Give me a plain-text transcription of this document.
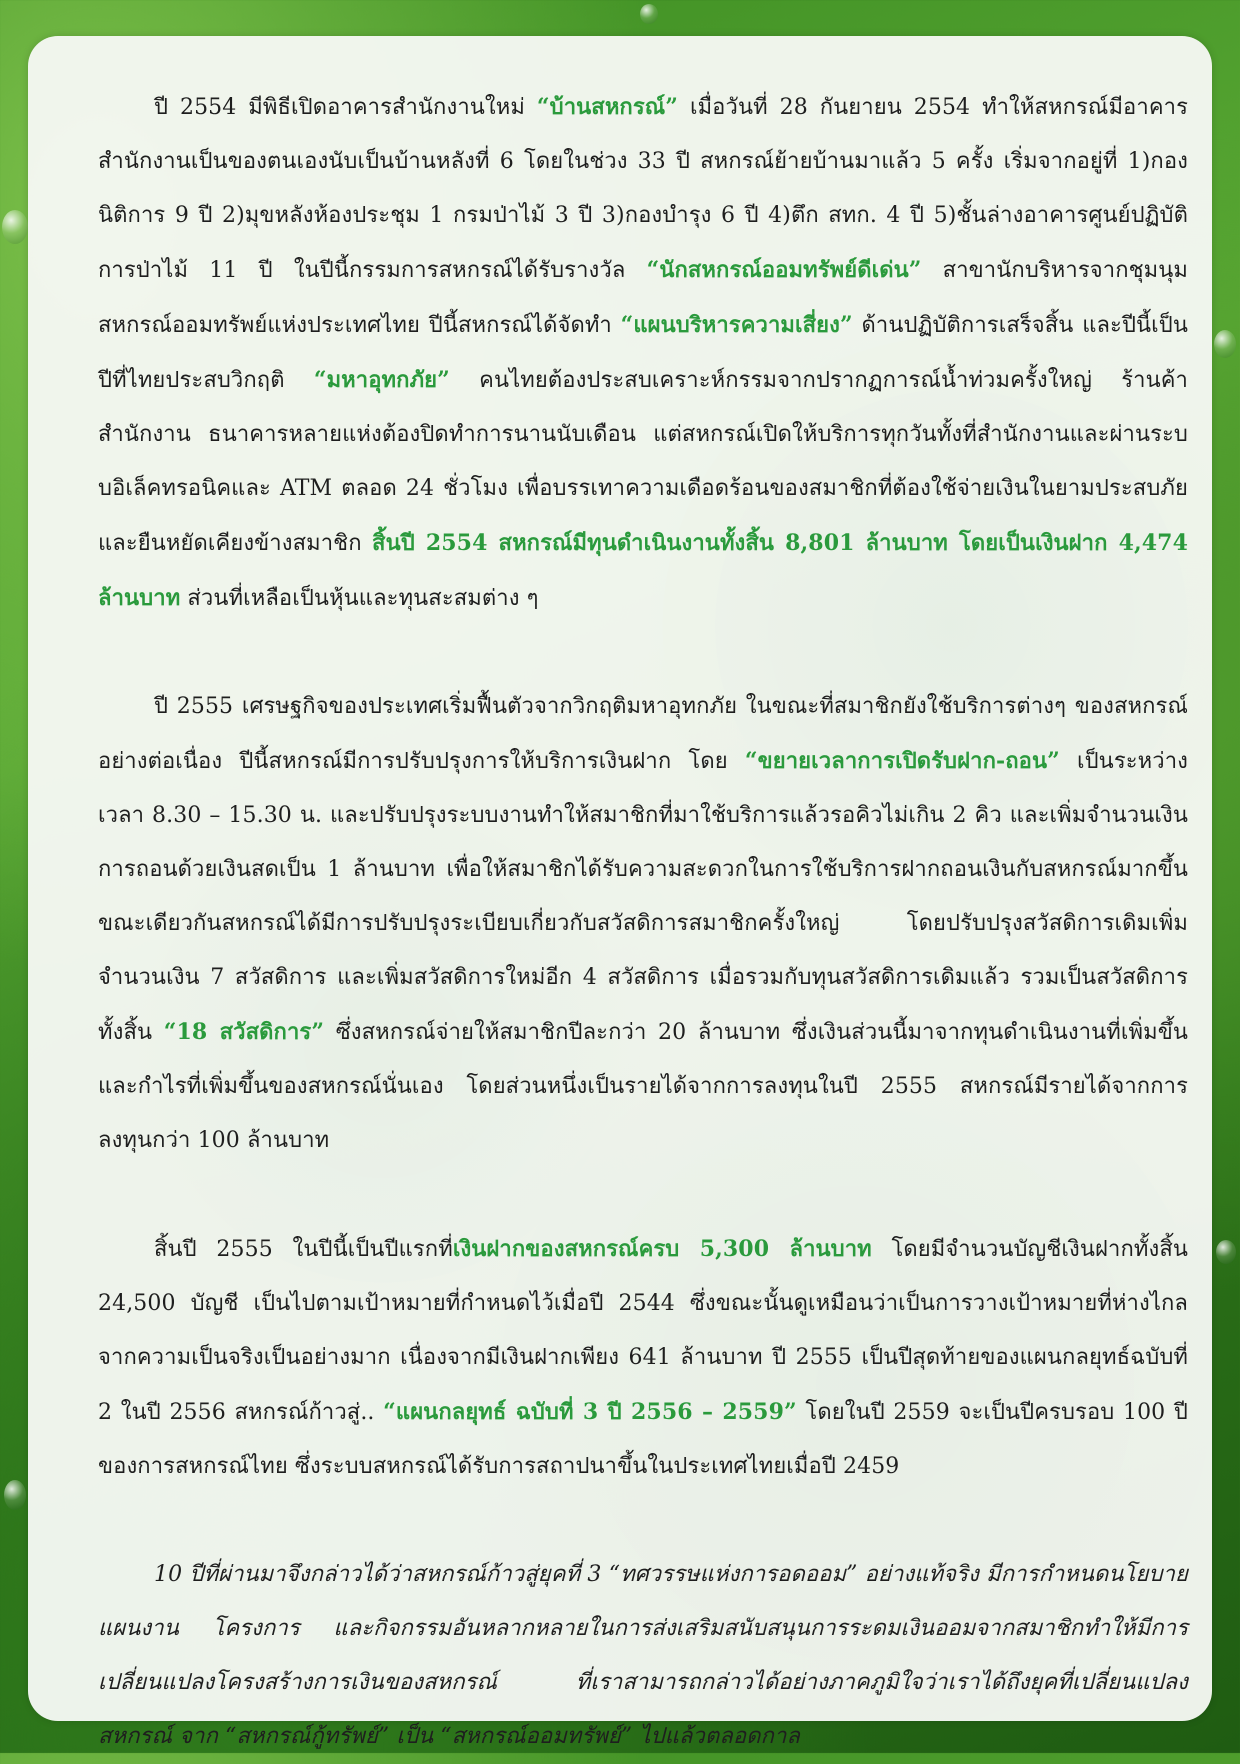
ปี 2554 มีพิธีเปิดอาคารสำนักงานใหม่ “บ้านสหกรณ์” เมื่อวันที่ 28 กันยายน 2554 ทำให้สหกรณ์มีอาคารสำนักงานเป็นของตนเองนับเป็นบ้านหลังที่ 6 โดยในช่วง 33 ปี สหกรณ์ย้ายบ้านมาแล้ว 5 ครั้ง เริ่มจากอยู่ที่ 1)กองนิติการ 9 ปี 2)มุขหลังห้องประชุม 1 กรมป่าไม้ 3 ปี 3)กองบำรุง 6 ปี 4)ตึก สทก. 4 ปี 5)ชั้นล่างอาคารศูนย์ปฏิบัติการป่าไม้ 11 ปี ในปีนี้กรรมการสหกรณ์ได้รับรางวัล “นักสหกรณ์ออมทรัพย์ดีเด่น” สาขานักบริหารจากชุมนุมสหกรณ์ออมทรัพย์แห่งประเทศไทย ปีนี้สหกรณ์ได้จัดทำ “แผนบริหารความเสี่ยง” ด้านปฏิบัติการเสร็จสิ้น และปีนี้เป็นปีที่ไทยประสบวิกฤติ “มหาอุทกภัย” คนไทยต้องประสบเคราะห์กรรมจากปรากฏการณ์น้ำท่วมครั้งใหญ่ ร้านค้า สำนักงาน ธนาคารหลายแห่งต้องปิดทำการนานนับเดือน แต่สหกรณ์เปิดให้บริการทุกวันทั้งที่สำนักงานและผ่านระบบอิเล็คทรอนิคและ ATM ตลอด 24 ชั่วโมง เพื่อบรรเทาความเดือดร้อนของสมาชิกที่ต้องใช้จ่ายเงินในยามประสบภัย และยืนหยัดเคียงข้างสมาชิก สิ้นปี 2554 สหกรณ์มีทุนดำเนินงานทั้งสิ้น 8,801 ล้านบาท โดยเป็นเงินฝาก 4,474 ล้านบาท ส่วนที่เหลือเป็นหุ้นและทุนสะสมต่าง ๆ

ปี 2555 เศรษฐกิจของประเทศเริ่มฟื้นตัวจากวิกฤติมหาอุทกภัย ในขณะที่สมาชิกยังใช้บริการต่างๆ ของสหกรณ์อย่างต่อเนื่อง ปีนี้สหกรณ์มีการปรับปรุงการให้บริการเงินฝาก โดย “ขยายเวลาการเปิดรับฝาก-ถอน” เป็นระหว่างเวลา 8.30 – 15.30 น. และปรับปรุงระบบงานทำให้สมาชิกที่มาใช้บริการแล้วรอคิวไม่เกิน 2 คิว และเพิ่มจำนวนเงินการถอนด้วยเงินสดเป็น 1 ล้านบาท เพื่อให้สมาชิกได้รับความสะดวกในการใช้บริการฝากถอนเงินกับสหกรณ์มากขึ้น ขณะเดียวกันสหกรณ์ได้มีการปรับปรุงระเบียบเกี่ยวกับสวัสดิการสมาชิกครั้งใหญ่ โดยปรับปรุงสวัสดิการเดิมเพิ่มจำนวนเงิน 7 สวัสดิการ และเพิ่มสวัสดิการใหม่อีก 4 สวัสดิการ เมื่อรวมกับทุนสวัสดิการเดิมแล้ว รวมเป็นสวัสดิการทั้งสิ้น “18 สวัสดิการ” ซึ่งสหกรณ์จ่ายให้สมาชิกปีละกว่า 20 ล้านบาท ซึ่งเงินส่วนนี้มาจากทุนดำเนินงานที่เพิ่มขึ้นและกำไรที่เพิ่มขึ้นของสหกรณ์นั่นเอง โดยส่วนหนึ่งเป็นรายได้จากการลงทุนในปี 2555 สหกรณ์มีรายได้จากการลงทุนกว่า 100 ล้านบาท

สิ้นปี 2555 ในปีนี้เป็นปีแรกที่เงินฝากของสหกรณ์ครบ 5,300 ล้านบาท โดยมีจำนวนบัญชีเงินฝากทั้งสิ้น 24,500 บัญชี เป็นไปตามเป้าหมายที่กำหนดไว้เมื่อปี 2544 ซึ่งขณะนั้นดูเหมือนว่าเป็นการวางเป้าหมายที่ห่างไกลจากความเป็นจริงเป็นอย่างมาก เนื่องจากมีเงินฝากเพียง 641 ล้านบาท ปี 2555 เป็นปีสุดท้ายของแผนกลยุทธ์ฉบับที่ 2 ในปี 2556 สหกรณ์ก้าวสู่.. “แผนกลยุทธ์ ฉบับที่ 3 ปี 2556 – 2559” โดยในปี 2559 จะเป็นปีครบรอบ 100 ปีของการสหกรณ์ไทย ซึ่งระบบสหกรณ์ได้รับการสถาปนาขึ้นในประเทศไทยเมื่อปี 2459

10 ปีที่ผ่านมาจึงกล่าวได้ว่าสหกรณ์ก้าวสู่ยุคที่ 3 “ทศวรรษแห่งการอดออม” อย่างแท้จริง มีการกำหนดนโยบาย แผนงาน โครงการ และกิจกรรมอันหลากหลายในการส่งเสริมสนับสนุนการระดมเงินออมจากสมาชิกทำให้มีการเปลี่ยนแปลงโครงสร้างการเงินของสหกรณ์ ที่เราสามารถกล่าวได้อย่างภาคภูมิใจว่าเราได้ถึงยุคที่เปลี่ยนแปลงสหกรณ์ จาก “สหกรณ์กู้ทรัพย์” เป็น “สหกรณ์ออมทรัพย์” ไปแล้วตลอดกาล
